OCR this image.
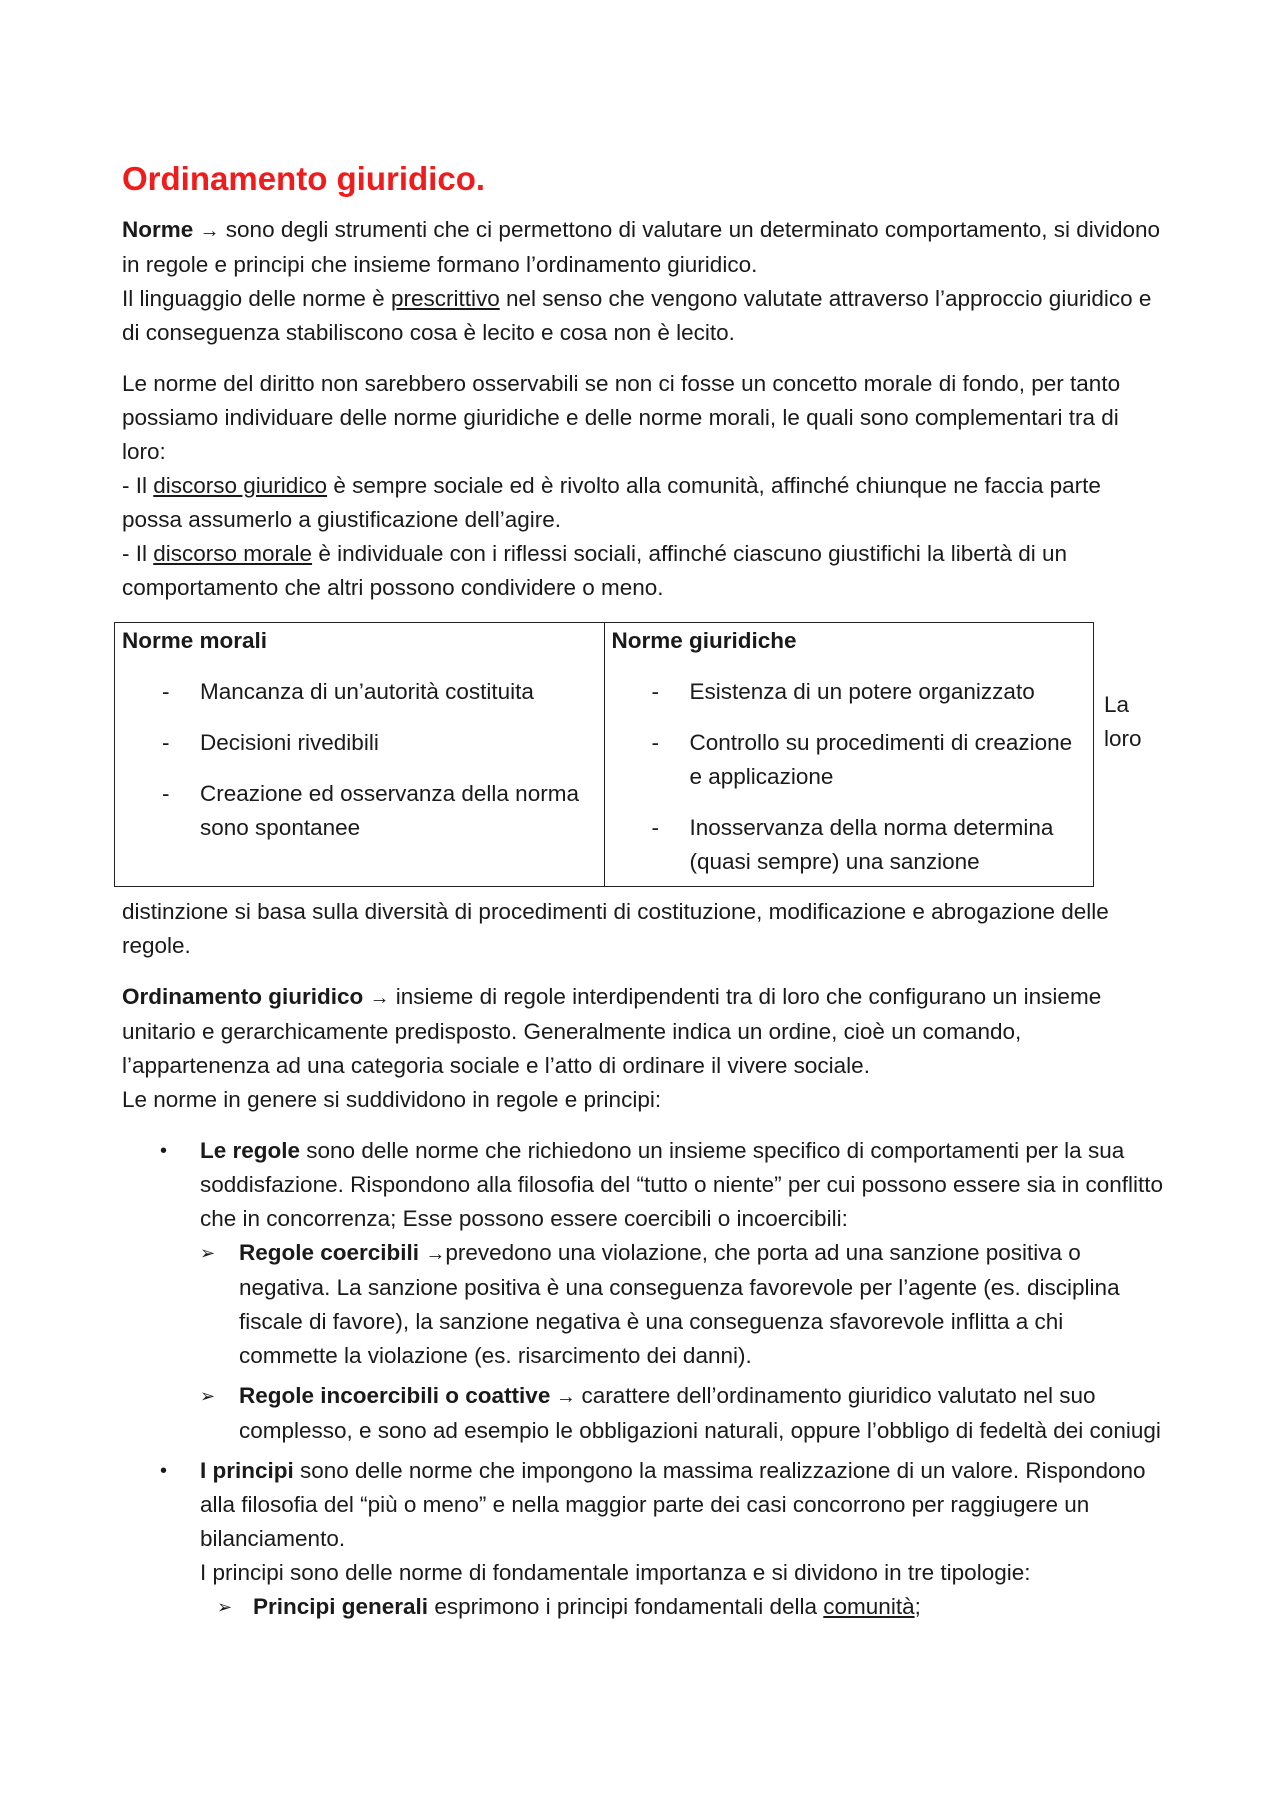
Ordinamento giuridico.

Norme → sono degli strumenti che ci permettono di valutare un determinato comportamento, si dividono in regole e principi che insieme formano l’ordinamento giuridico.
Il linguaggio delle norme è prescrittivo nel senso che vengono valutate attraverso l’approccio giuridico e di conseguenza stabiliscono cosa è lecito e cosa non è lecito.

Le norme del diritto non sarebbero osservabili se non ci fosse un concetto morale di fondo, per tanto possiamo individuare delle norme giuridiche e delle norme morali, le quali sono complementari tra di loro:
- Il discorso giuridico è sempre sociale ed è rivolto alla comunità, affinché chiunque ne faccia parte possa assumerlo a giustificazione dell’agire.
- Il discorso morale è individuale con i riflessi sociali, affinché ciascuno giustifichi la libertà di un comportamento che altri possono condividere o meno.

Norme morali
- Mancanza di un’autorità costituita
- Decisioni rivedibili
- Creazione ed osservanza della norma sono spontanee

Norme giuridiche
- Esistenza di un potere organizzato
- Controllo su procedimenti di creazione e applicazione
- Inosservanza della norma determina (quasi sempre) una sanzione

distinzione si basa sulla diversità di procedimenti di costituzione, modificazione e abrogazione delle regole.

Ordinamento giuridico → insieme di regole interdipendenti tra di loro che configurano un insieme unitario e gerarchicamente predisposto. Generalmente indica un ordine, cioè un comando, l’appartenenza ad una categoria sociale e l’atto di ordinare il vivere sociale.
Le norme in genere si suddividono in regole e principi:

• Le regole sono delle norme che richiedono un insieme specifico di comportamenti per la sua soddisfazione. Rispondono alla filosofia del “tutto o niente” per cui possono essere sia in conflitto che in concorrenza; Esse possono essere coercibili o incoercibili:
➢ Regole coercibili →prevedono una violazione, che porta ad una sanzione positiva o negativa. La sanzione positiva è una conseguenza favorevole per l’agente (es. disciplina fiscale di favore), la sanzione negativa è una conseguenza sfavorevole inflitta a chi commette la violazione (es. risarcimento dei danni).
➢ Regole incoercibili o coattive → carattere dell’ordinamento giuridico valutato nel suo complesso, e sono ad esempio le obbligazioni naturali, oppure l’obbligo di fedeltà dei coniugi
• I principi sono delle norme che impongono la massima realizzazione di un valore. Rispondono alla filosofia del “più o meno” e nella maggior parte dei casi concorrono per raggiugere un bilanciamento.
I principi sono delle norme di fondamentale importanza e si dividono in tre tipologie:
➢ Principi generali esprimono i principi fondamentali della comunità;
La loro
